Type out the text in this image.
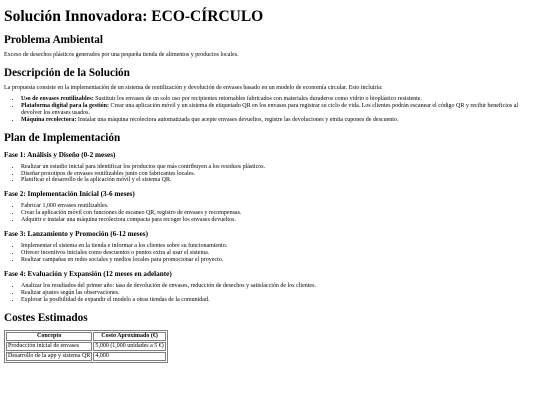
Solución Innovadora: ECO-CÍRCULO
Problema Ambiental

Exceso de desechos plásticos generados por una pequeña tienda de alimentos y productos locales.

Descripción de la Solución

La propuesta consiste en la implementación de un sistema de reutilización y devolución de envases basado en un modelo de economía circular. Esto incluiría:

• Uso de envases reutilizables: Sustituir los envases de un solo uso por recipientes retornables fabricados con materiales duraderos como vidrio o bioplástico resistente.
• Plataforma digital para la gestión: Crear una aplicación móvil y un sistema de etiquetado QR en los envases para registrar su ciclo de vida. Los clientes podrán escanear el código QR y recibir beneficios al devolver los envases usados.
• Máquina recolectora: Instalar una máquina recolectora automatizada que acepte envases devueltos, registre las devoluciones y emita cupones de descuento.
Plan de Implementación
Fase 1: Análisis y Diseño (0-2 meses)
• Realizar un estudio inicial para identificar los productos que más contribuyen a los residuos plásticos.
• Diseñar prototipos de envases reutilizables junto con fabricantes locales.
• Planificar el desarrollo de la aplicación móvil y el sistema QR.
Fase 2: Implementación Inicial (3-6 meses)
• Fabricar 1,000 envases reutilizables.
• Crear la aplicación móvil con funciones de escaneo QR, registro de envases y recompensas.
• Adquirir e instalar una máquina recolectora compacta para recoger los envases devueltos.
Fase 3: Lanzamiento y Promoción (6-12 meses)
• Implementar el sistema en la tienda e informar a los clientes sobre su funcionamiento.
• Ofrecer incentivos iniciales como descuentos o puntos extra al usar el sistema.
• Realizar campañas en redes sociales y medios locales para promocionar el proyecto.
Fase 4: Evaluación y Expansión (12 meses en adelante)
• Analizar los resultados del primer año: tasa de devolución de envases, reducción de desechos y satisfacción de los clientes.
• Realizar ajustes según las observaciones.
• Explorar la posibilidad de expandir el modelo a otras tiendas de la comunidad.
Costes Estimados
Concepto	Costo Aproximado (€)
Producción inicial de envases	5,000 (1,000 unidades a 5 €)
Desarrollo de la app y sistema QR	4,000
